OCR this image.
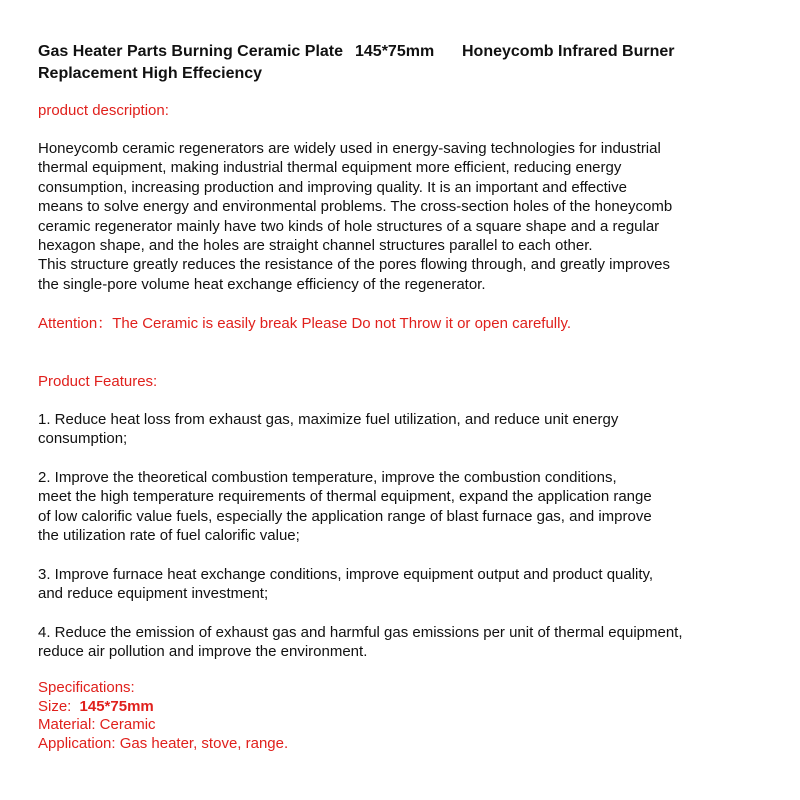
Gas Heater Parts Burning Ceramic Plate 145*75mm Honeycomb Infrared Burner
Replacement High Effeciency
product description:
Honeycomb ceramic regenerators are widely used in energy-saving technologies for industrial
thermal equipment, making industrial thermal equipment more efficient, reducing energy
consumption, increasing production and improving quality. It is an important and effective
means to solve energy and environmental problems. The cross-section holes of the honeycomb
ceramic regenerator mainly have two kinds of hole structures of a square shape and a regular
hexagon shape, and the holes are straight channel structures parallel to each other.
This structure greatly reduces the resistance of the pores flowing through, and greatly improves
the single-pore volume heat exchange efficiency of the regenerator.
Attention：The Ceramic is easily break Please Do not Throw it or open carefully.
Product Features:
1. Reduce heat loss from exhaust gas, maximize fuel utilization, and reduce unit energy
consumption;
2. Improve the theoretical combustion temperature, improve the combustion conditions,
meet the high temperature requirements of thermal equipment, expand the application range
of low calorific value fuels, especially the application range of blast furnace gas, and improve
the utilization rate of fuel calorific value;
3. Improve furnace heat exchange conditions, improve equipment output and product quality,
and reduce equipment investment;
4. Reduce the emission of exhaust gas and harmful gas emissions per unit of thermal equipment,
reduce air pollution and improve the environment.
Specifications:
Size: 145*75mm
Material: Ceramic
Application: Gas heater, stove, range.
